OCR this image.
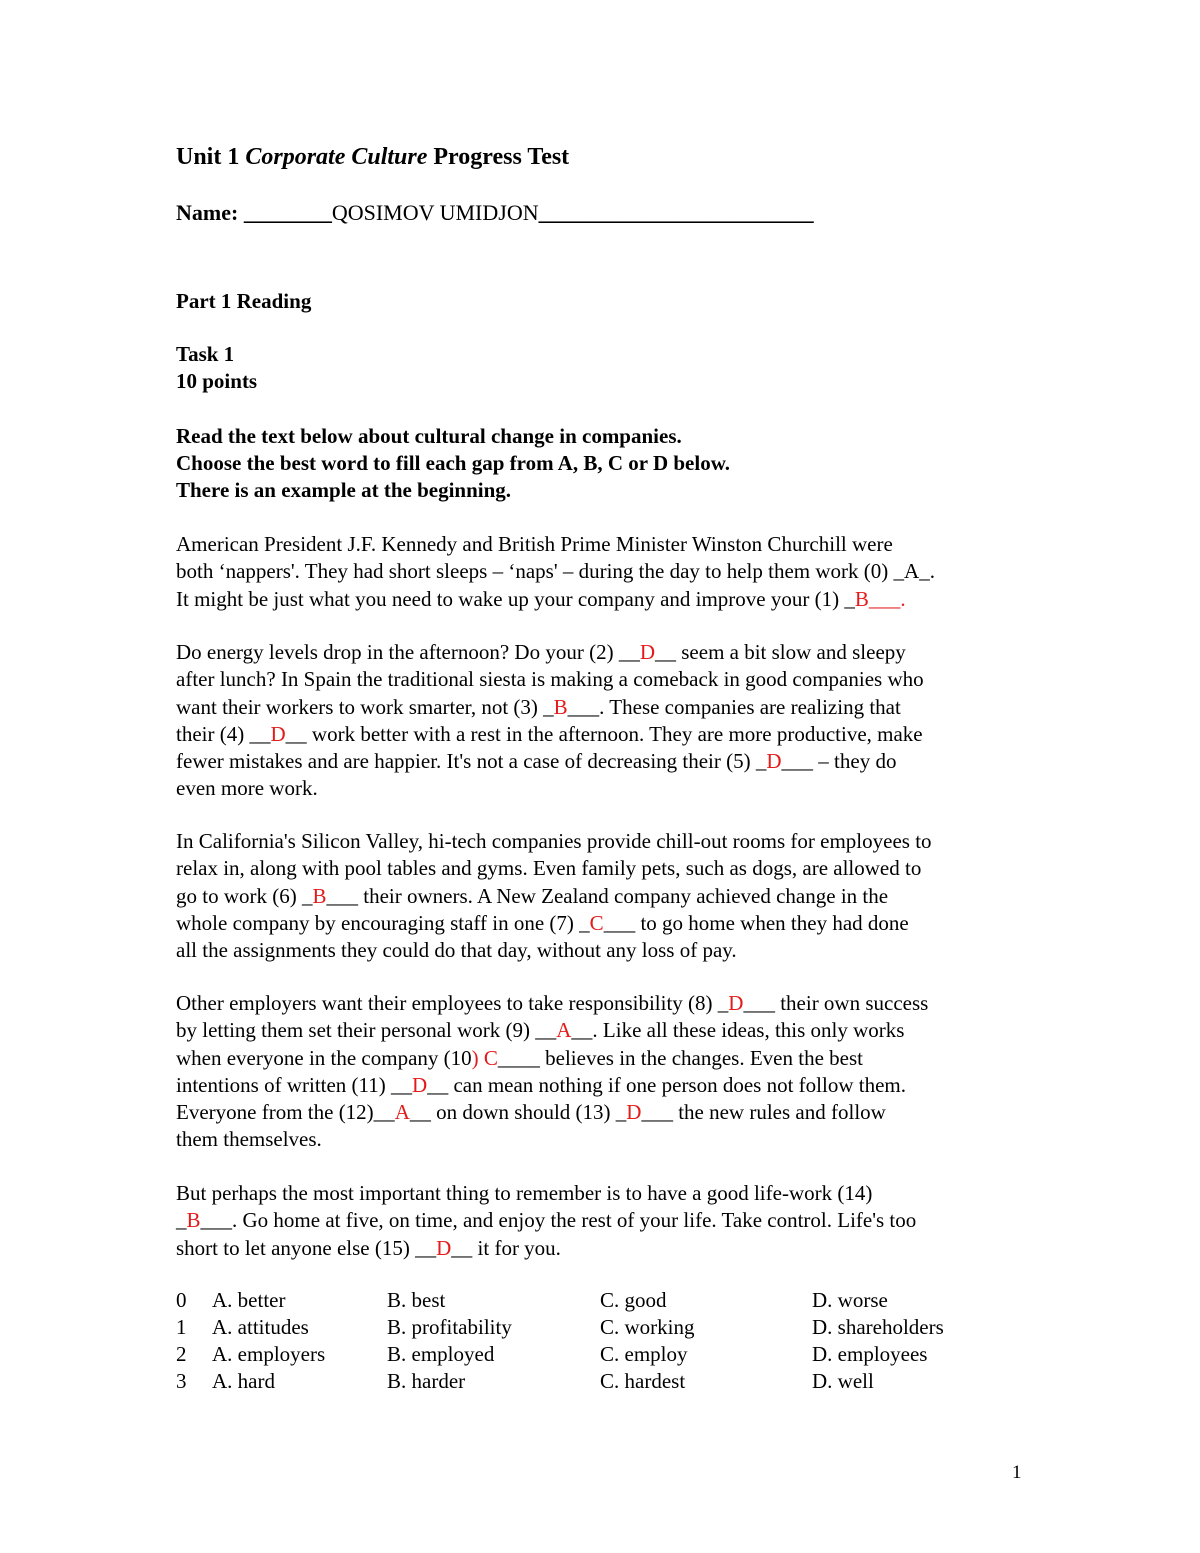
Unit 1 Corporate Culture Progress Test
Name: ________QOSIMOV UMIDJON_________________________
Part 1 Reading
Task 1
10 points
Read the text below about cultural change in companies.
Choose the best word to fill each gap from A, B, C or D below.
There is an example at the beginning.
American President J.F. Kennedy and British Prime Minister Winston Churchill were
both ‘nappers'. They had short sleeps – ‘naps' – during the day to help them work (0) _A_.
It might be just what you need to wake up your company and improve your (1) _B___.
Do energy levels drop in the afternoon? Do your (2) __D__ seem a bit slow and sleepy
after lunch? In Spain the traditional siesta is making a comeback in good companies who
want their workers to work smarter, not (3) _B___. These companies are realizing that
their (4) __D__ work better with a rest in the afternoon. They are more productive, make
fewer mistakes and are happier. It's not a case of decreasing their (5) _D___ – they do
even more work.
In California's Silicon Valley, hi-tech companies provide chill-out rooms for employees to
relax in, along with pool tables and gyms. Even family pets, such as dogs, are allowed to
go to work (6) _B___ their owners. A New Zealand company achieved change in the
whole company by encouraging staff in one (7) _C___ to go home when they had done
all the assignments they could do that day, without any loss of pay.
Other employers want their employees to take responsibility (8) _D___ their own success
by letting them set their personal work (9) __A__. Like all these ideas, this only works
when everyone in the company (10) C____ believes in the changes. Even the best
intentions of written (11) __D__ can mean nothing if one person does not follow them.
Everyone from the (12)__A__ on down should (13) _D___ the new rules and follow
them themselves.
But perhaps the most important thing to remember is to have a good life-work (14)
_B___. Go home at five, on time, and enjoy the rest of your life. Take control. Life's too
short to let anyone else (15) __D__ it for you.
0 A. better	B. best	C. good	D. worse
1 A. attitudes	B. profitability	C. working	D. shareholders
2 A. employers	B. employed	C. employ	D. employees
3 A. hard	B. harder	C. hardest	D. well
1
